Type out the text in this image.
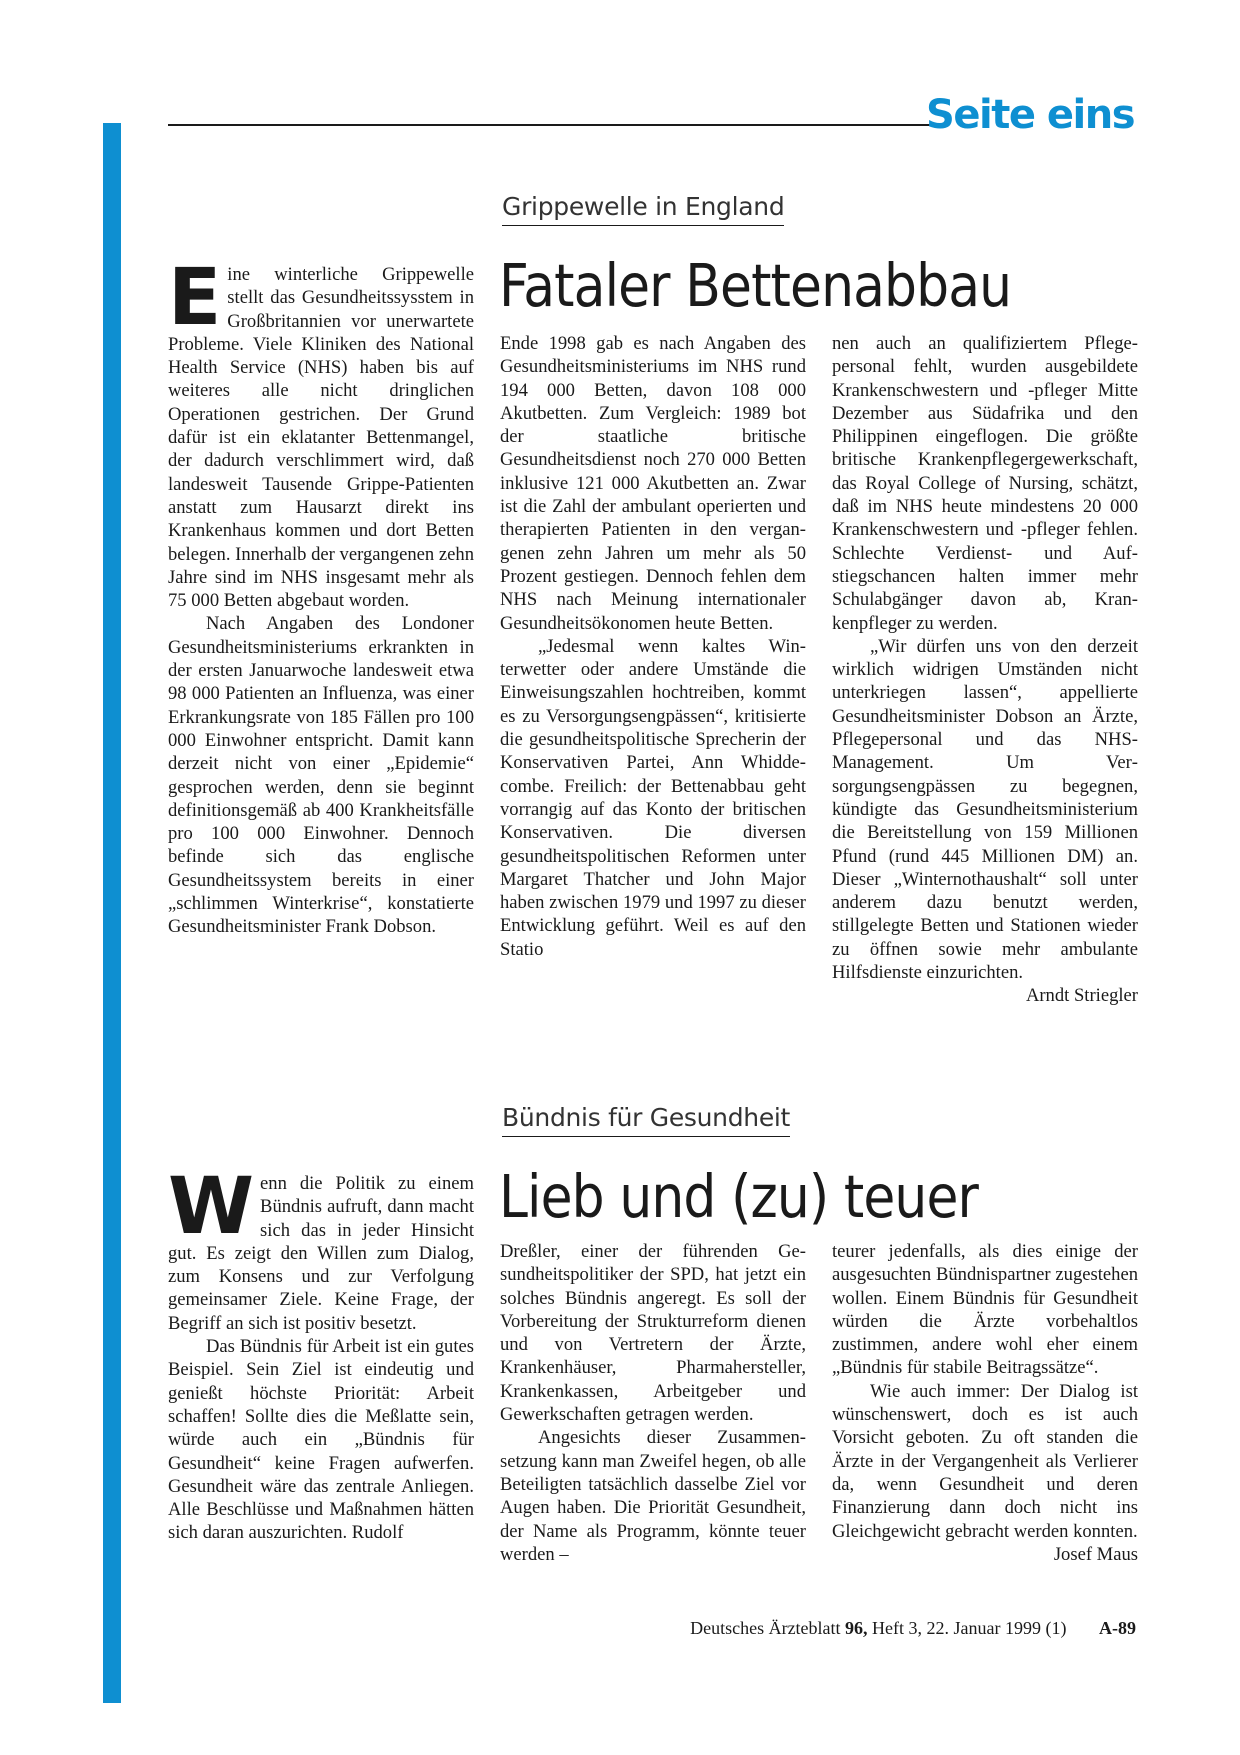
Seite eins
Grippewelle in England
Fataler Bettenabbau

Eine winterliche Grippewelle stellt das Gesundheitssysstem in Großbritannien vor unerwartete Probleme. Viele Kliniken des National Health Service (NHS) haben bis auf weiteres alle nicht dringlichen Operationen gestrichen. Der Grund dafür ist ein eklatanter Bettenmangel, der dadurch verschlimmert wird, daß landesweit Tausende Grippe-Patienten anstatt zum Hausarzt direkt ins Krankenhaus kommen und dort Betten belegen. Innerhalb der vergangenen zehn Jahre sind im NHS insgesamt mehr als 75 000 Betten abgebaut worden.

Nach Angaben des Londoner Gesundheitsministeriums erkrankten in der ersten Januarwoche landesweit etwa 98 000 Patienten an Influenza, was einer Erkrankungsrate von 185 Fällen pro 100 000 Einwohner entspricht. Damit kann derzeit nicht von einer „Epidemie“ gesprochen werden, denn sie beginnt definitionsgemäß ab 400 Krankheitsfälle pro 100 000 Einwohner. Dennoch befinde sich das englische Gesundheitssystem bereits in einer „schlimmen Winterkrise“, konstatierte Gesundheitsminister Frank Dobson.

Ende 1998 gab es nach Angaben des Gesundheitsministeriums im NHS rund 194 000 Betten, davon 108 000 Akutbetten. Zum Vergleich: 1989 bot der staatliche britische Gesundheitsdienst noch 270 000 Betten inklusive 121 000 Akutbetten an. Zwar ist die Zahl der ambulant operierten und therapierten Patienten in den vergangenen zehn Jahren um mehr als 50 Prozent gestiegen. Dennoch fehlen dem NHS nach Meinung internationaler Gesundheitsökonomen heute Betten.

„Jedesmal wenn kaltes Winterwetter oder andere Umstände die Einweisungszahlen hochtreiben, kommt es zu Versorgungsengpässen“, kritisierte die gesundheitspolitische Sprecherin der Konservativen Partei, Ann Whiddecombe. Freilich: der Bettenabbau geht vorrangig auf das Konto der britischen Konservativen. Die diversen gesundheitspolitischen Reformen unter Margaret Thatcher und John Major haben zwischen 1979 und 1997 zu dieser Entwicklung geführt. Weil es auf den Statio

nen auch an qualifiziertem Pflegepersonal fehlt, wurden ausgebildete Krankenschwestern und -pfleger Mitte Dezember aus Südafrika und den Philippinen eingeflogen. Die größte britische Krankenpflegergewerkschaft, das Royal College of Nursing, schätzt, daß im NHS heute mindestens 20 000 Krankenschwestern und -pfleger fehlen. Schlechte Verdienst- und Aufstiegschancen halten immer mehr Schulabgänger davon ab, Krankenpfleger zu werden.

„Wir dürfen uns von den derzeit wirklich widrigen Umständen nicht unterkriegen lassen“, appellierte Gesundheitsminister Dobson an Ärzte, Pflegepersonal und das NHS-Management. Um Versorgungsengpässen zu begegnen, kündigte das Gesundheitsministerium die Bereitstellung von 159 Millionen Pfund (rund 445 Millionen DM) an. Dieser „Winternothaushalt“ soll unter anderem dazu benutzt werden, stillgelegte Betten und Stationen wieder zu öffnen sowie mehr ambulante Hilfsdienste einzurichten.
Arndt Striegler

Bündnis für Gesundheit
Lieb und (zu) teuer

Wenn die Politik zu einem Bündnis aufruft, dann macht sich das in jeder Hinsicht gut. Es zeigt den Willen zum Dialog, zum Konsens und zur Verfolgung gemeinsamer Ziele. Keine Frage, der Begriff an sich ist positiv besetzt.

Das Bündnis für Arbeit ist ein gutes Beispiel. Sein Ziel ist eindeutig und genießt höchste Priorität: Arbeit schaffen! Sollte dies die Meßlatte sein, würde auch ein „Bündnis für Gesundheit“ keine Fragen aufwerfen. Gesundheit wäre das zentrale Anliegen. Alle Beschlüsse und Maßnahmen hätten sich daran auszurichten. Rudolf

Dreßler, einer der führenden Gesundheitspolitiker der SPD, hat jetzt ein solches Bündnis angeregt. Es soll der Vorbereitung der Strukturreform dienen und von Vertretern der Ärzte, Krankenhäuser, Pharmahersteller, Krankenkassen, Arbeitgeber und Gewerkschaften getragen werden.

Angesichts dieser Zusammensetzung kann man Zweifel hegen, ob alle Beteiligten tatsächlich dasselbe Ziel vor Augen haben. Die Priorität Gesundheit, der Name als Programm, könnte teuer werden –

teurer jedenfalls, als dies einige der ausgesuchten Bündnispartner zugestehen wollen. Einem Bündnis für Gesundheit würden die Ärzte vorbehaltlos zustimmen, andere wohl eher einem „Bündnis für stabile Beitragssätze“.

Wie auch immer: Der Dialog ist wünschenswert, doch es ist auch Vorsicht geboten. Zu oft standen die Ärzte in der Vergangenheit als Verlierer da, wenn Gesundheit und deren Finanzierung dann doch nicht ins Gleichgewicht gebracht werden konnten.
Josef Maus

Deutsches Ärzteblatt 96, Heft 3, 22. Januar 1999 (1) A-89
